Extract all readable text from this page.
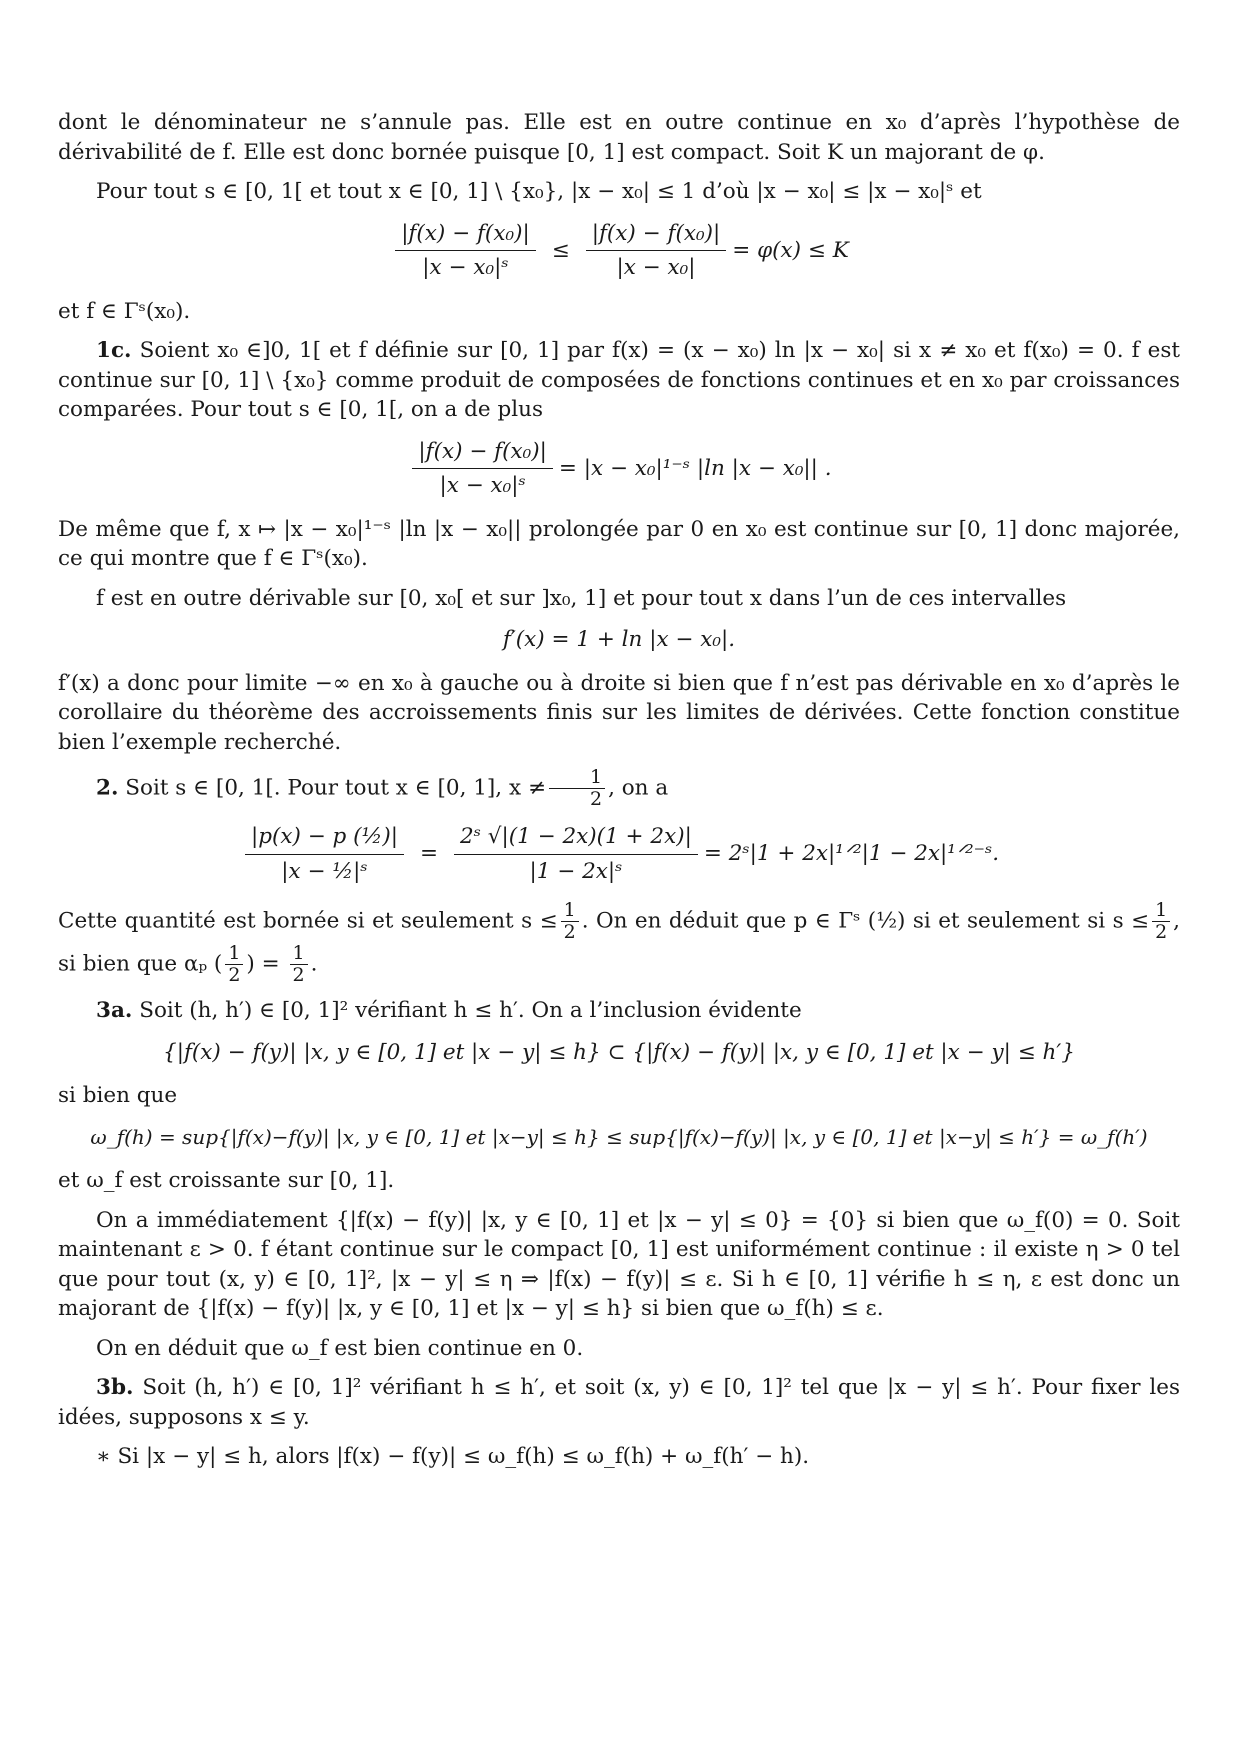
dont le dénominateur ne s’annule pas. Elle est en outre continue en x₀ d’après l’hypothèse de dérivabilité de f. Elle est donc bornée puisque [0, 1] est compact. Soit K un majorant de φ.

Pour tout s ∈ [0, 1[ et tout x ∈ [0, 1] \ {x₀}, |x − x₀| ≤ 1 d’où |x − x₀| ≤ |x − x₀|ˢ et

$\frac{\text{|f(x) − f(x₀)|}}{\text{|x − x₀|ˢ}} \le \frac{\text{|f(x) − f(x₀)|}}{\text{|x − x₀|}} = \varphi(x) \le K$

et f ∈ Γˢ(x₀).

1c. Soient x₀ ∈]0, 1[ et f définie sur [0, 1] par f(x) = (x − x₀) ln |x − x₀| si x ≠ x₀ et f(x₀) = 0. f est continue sur [0, 1] \ {x₀} comme produit de composées de fonctions continues et en x₀ par croissances comparées. Pour tout s ∈ [0, 1[, on a de plus

$\frac{\text{|f(x) − f(x₀)|}}{\text{|x − x₀|ˢ}} = |x$ − x₀|¹⁻ˢ |ln |x − x₀|| .

De même que f, x ↦ |x − x₀|¹⁻ˢ |ln |x − x₀|| prolongée par 0 en x₀ est continue sur [0, 1] donc majorée, ce qui montre que f ∈ Γˢ(x₀).

f est en outre dérivable sur [0, x₀[ et sur ]x₀, 1] et pour tout x dans l’un de ces intervalles

f′(x) = 1 + ln |x − x₀|.

f′(x) a donc pour limite −∞ en x₀ à gauche ou à droite si bien que f n’est pas dérivable en x₀ d’après le corollaire du théorème des accroissements finis sur les limites de dérivées. Cette fonction constitue bien l’exemple recherché.

2. Soit s ∈ [0, 1[. Pour tout x ∈ [0, 1], $x \ne \frac{1}{2}$ , on a

$\frac{\text{|p(x) − p (½)|}}{\text{|x − ½|ˢ}} = \frac{\text{2ˢ √|(1 − 2x)(1 + 2x)|}}{\text{|1 − 2x|ˢ}}$ = 2ˢ|1 + 2x|¹ᐟ²|1 − 2x|¹ᐟ²⁻ˢ.

Cette quantité est bornée si et seulement $s \le \frac{1}{2}$ . On en déduit que p ∈ Γˢ (½) si et seulement si $s \le \frac{1}{2}$ , si bien que αₚ ( $\frac{1}{2}$ ) = $\frac{1}{2}$ .

3a. Soit (h, h′) ∈ [0, 1]² vérifiant h ≤ h′. On a l’inclusion évidente

{|f(x) − f(y)| |x, y ∈ [0, 1] et |x − y| ≤ h} ⊂ {|f(x) − f(y)| |x, y ∈ [0, 1] et |x − y| ≤ h′}

si bien que

ω_f(h) = sup{|f(x)−f(y)| |x, y ∈ [0, 1] et |x−y| ≤ h} ≤ sup{|f(x)−f(y)| |x, y ∈ [0, 1] et |x−y| ≤ h′} = ω_f(h′)

et ω_f est croissante sur [0, 1].

On a immédiatement {|f(x) − f(y)| |x, y ∈ [0, 1] et |x − y| ≤ 0} = {0} si bien que ω_f(0) = 0. Soit maintenant ε > 0. f étant continue sur le compact [0, 1] est uniformément continue : il existe η > 0 tel que pour tout (x, y) ∈ [0, 1]², |x − y| ≤ η ⇒ |f(x) − f(y)| ≤ ε. Si h ∈ [0, 1] vérifie h ≤ η, ε est donc un majorant de {|f(x) − f(y)| |x, y ∈ [0, 1] et |x − y| ≤ h} si bien que ω_f(h) ≤ ε.

On en déduit que ω_f est bien continue en 0.

3b. Soit (h, h′) ∈ [0, 1]² vérifiant h ≤ h′, et soit (x, y) ∈ [0, 1]² tel que |x − y| ≤ h′. Pour fixer les idées, supposons x ≤ y.

∗ Si |x − y| ≤ h, alors |f(x) − f(y)| ≤ ω_f(h) ≤ ω_f(h) + ω_f(h′ − h).
